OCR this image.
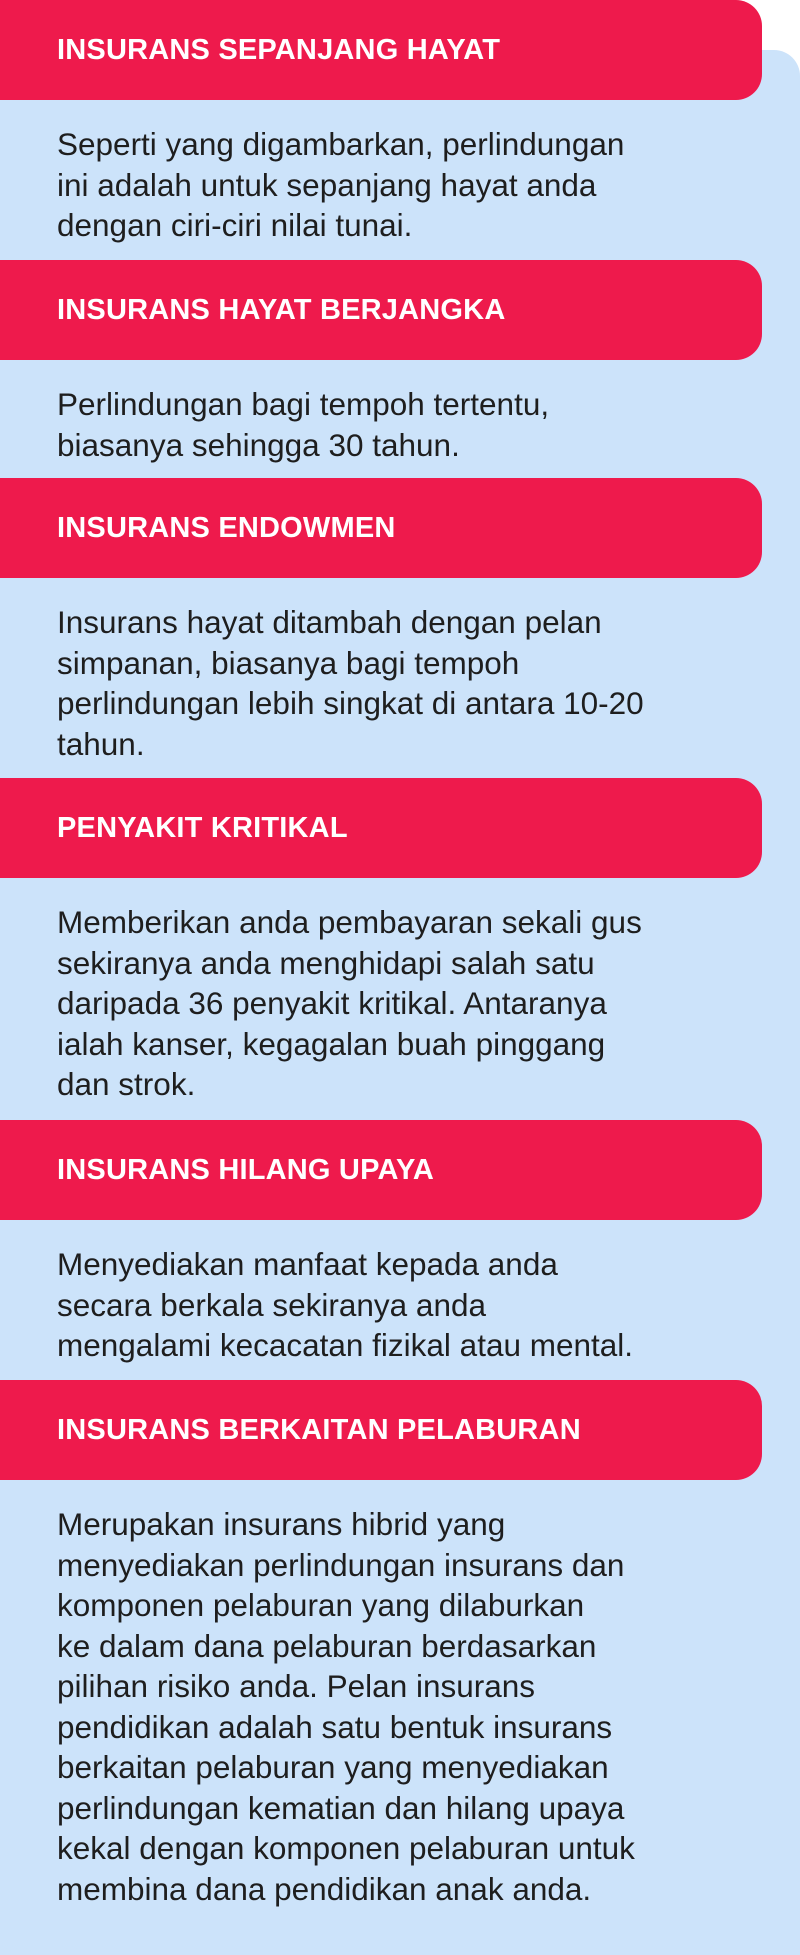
INSURANS SEPANJANG HAYAT

Seperti yang digambarkan, perlindungan
ini adalah untuk sepanjang hayat anda
dengan ciri-ciri nilai tunai.

INSURANS HAYAT BERJANGKA

Perlindungan bagi tempoh tertentu,
biasanya sehingga 30 tahun.

INSURANS ENDOWMEN

Insurans hayat ditambah dengan pelan
simpanan, biasanya bagi tempoh
perlindungan lebih singkat di antara 10-20
tahun.

PENYAKIT KRITIKAL

Memberikan anda pembayaran sekali gus
sekiranya anda menghidapi salah satu
daripada 36 penyakit kritikal. Antaranya
ialah kanser, kegagalan buah pinggang
dan strok.

INSURANS HILANG UPAYA

Menyediakan manfaat kepada anda
secara berkala sekiranya anda
mengalami kecacatan fizikal atau mental.

INSURANS BERKAITAN PELABURAN

Merupakan insurans hibrid yang
menyediakan perlindungan insurans dan
komponen pelaburan yang dilaburkan
ke dalam dana pelaburan berdasarkan
pilihan risiko anda. Pelan insurans
pendidikan adalah satu bentuk insurans
berkaitan pelaburan yang menyediakan
perlindungan kematian dan hilang upaya
kekal dengan komponen pelaburan untuk
membina dana pendidikan anak anda.
